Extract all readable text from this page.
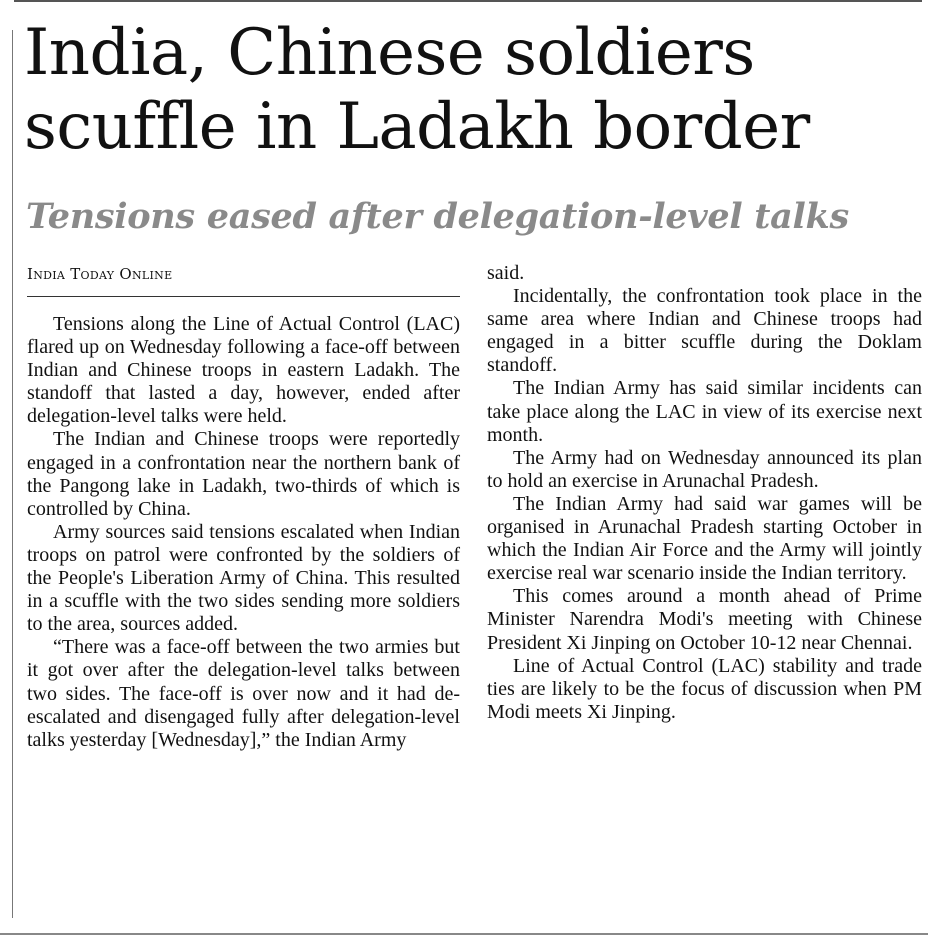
India, Chinese soldiers
scuffle in Ladakh border
Tensions eased after delegation-level talks
India Today Online

Tensions along the Line of Actual Control (LAC) flared up on Wednesday following a face-off between Indian and Chinese troops in eastern Ladakh. The standoff that lasted a day, however, ended after delegation-level talks were held.

The Indian and Chinese troops were reportedly engaged in a confrontation near the northern bank of the Pangong lake in Ladakh, two-thirds of which is controlled by China.

Army sources said tensions escalated when Indian troops on patrol were confronted by the soldiers of the People's Liberation Army of China. This resulted in a scuffle with the two sides sending more soldiers to the area, sources added.

“There was a face-off between the two armies but it got over after the delegation-level talks between two sides. The face-off is over now and it had de-escalated and disengaged fully after delegation-level talks yesterday [Wednesday],” the Indian Army

said.

Incidentally, the confrontation took place in the same area where Indian and Chinese troops had engaged in a bitter scuffle during the Doklam standoff.

The Indian Army has said similar incidents can take place along the LAC in view of its exercise next month.

The Army had on Wednesday announced its plan to hold an exercise in Arunachal Pradesh.

The Indian Army had said war games will be organised in Arunachal Pradesh starting October in which the Indian Air Force and the Army will jointly exercise real war scenario inside the Indian territory.

This comes around a month ahead of Prime Minister Narendra Modi's meeting with Chinese President Xi Jinping on October 10-12 near Chennai.

Line of Actual Control (LAC) stability and trade ties are likely to be the focus of discussion when PM Modi meets Xi Jinping.
